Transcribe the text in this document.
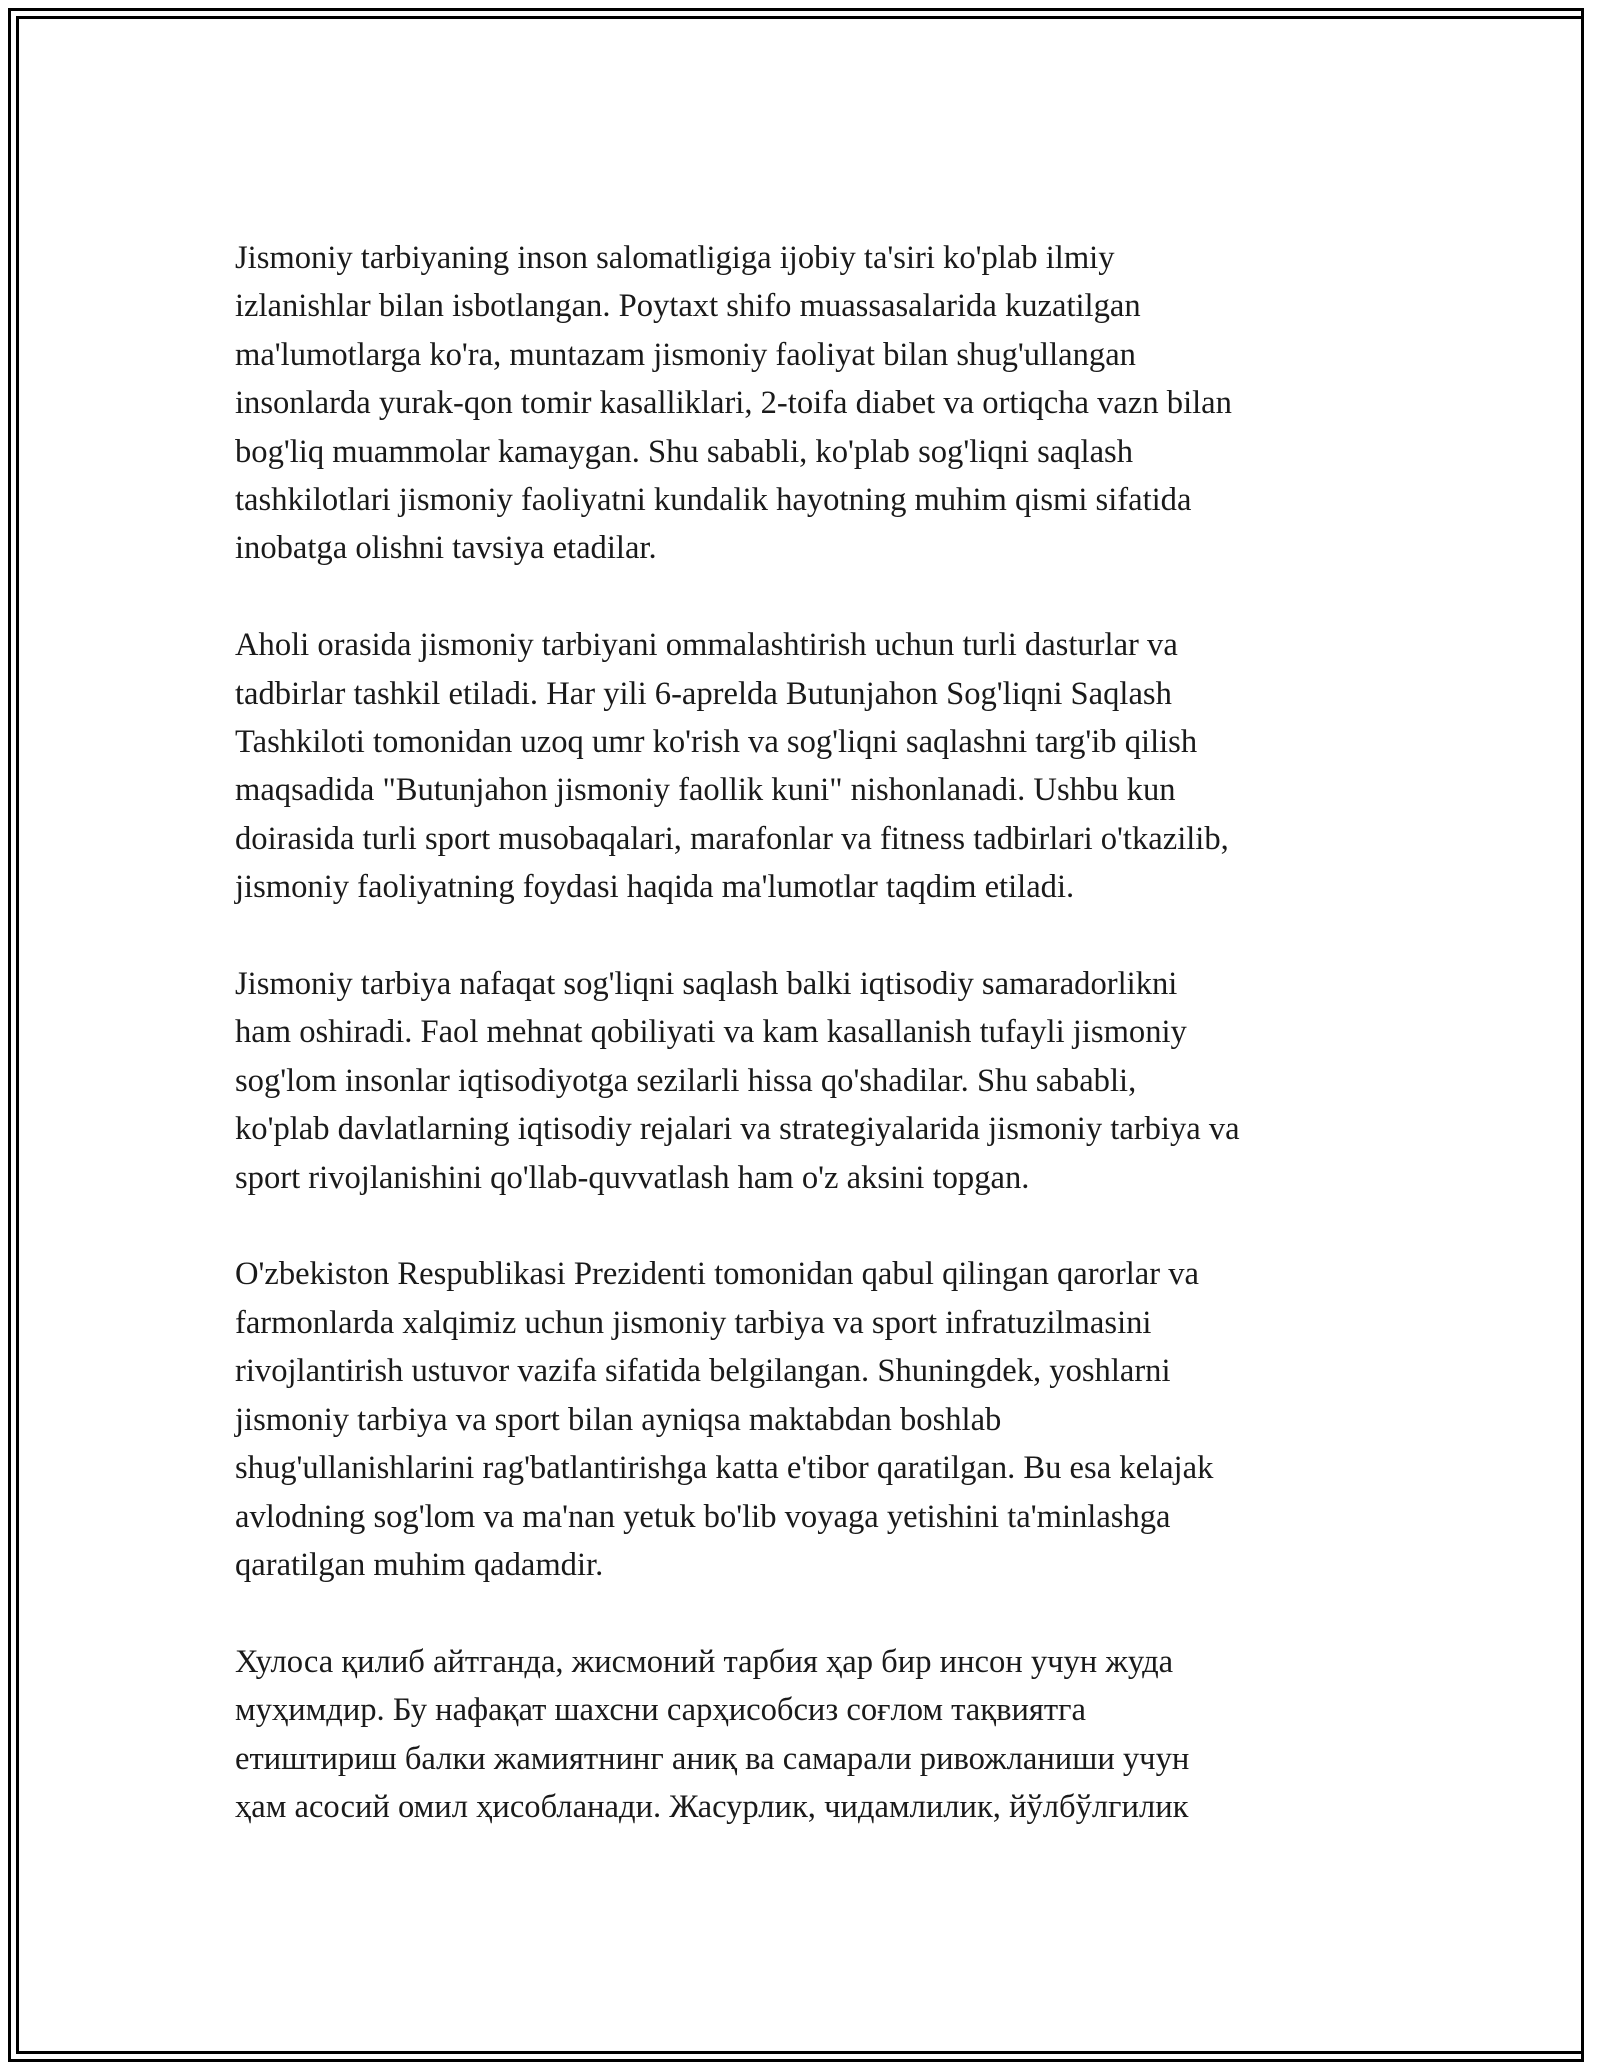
Jismoniy tarbiyaning inson salomatligiga ijobiy ta'siri ko'plab ilmiy
izlanishlar bilan isbotlangan. Poytaxt shifo muassasalarida kuzatilgan
ma'lumotlarga ko'ra, muntazam jismoniy faoliyat bilan shug'ullangan
insonlarda yurak-qon tomir kasalliklari, 2-toifa diabet va ortiqcha vazn bilan
bog'liq muammolar kamaygan. Shu sababli, ko'plab sog'liqni saqlash
tashkilotlari jismoniy faoliyatni kundalik hayotning muhim qismi sifatida
inobatga olishni tavsiya etadilar.

Aholi orasida jismoniy tarbiyani ommalashtirish uchun turli dasturlar va
tadbirlar tashkil etiladi. Har yili 6-aprelda Butunjahon Sog'liqni Saqlash
Tashkiloti tomonidan uzoq umr ko'rish va sog'liqni saqlashni targ'ib qilish
maqsadida "Butunjahon jismoniy faollik kuni" nishonlanadi. Ushbu kun
doirasida turli sport musobaqalari, marafonlar va fitness tadbirlari o'tkazilib,
jismoniy faoliyatning foydasi haqida ma'lumotlar taqdim etiladi.

Jismoniy tarbiya nafaqat sog'liqni saqlash balki iqtisodiy samaradorlikni
ham oshiradi. Faol mehnat qobiliyati va kam kasallanish tufayli jismoniy
sog'lom insonlar iqtisodiyotga sezilarli hissa qo'shadilar. Shu sababli,
ko'plab davlatlarning iqtisodiy rejalari va strategiyalarida jismoniy tarbiya va
sport rivojlanishini qo'llab-quvvatlash ham o'z aksini topgan.

O'zbekiston Respublikasi Prezidenti tomonidan qabul qilingan qarorlar va
farmonlarda xalqimiz uchun jismoniy tarbiya va sport infratuzilmasini
rivojlantirish ustuvor vazifa sifatida belgilangan. Shuningdek, yoshlarni
jismoniy tarbiya va sport bilan ayniqsa maktabdan boshlab
shug'ullanishlarini rag'batlantirishga katta e'tibor qaratilgan. Bu esa kelajak
avlodning sog'lom va ma'nan yetuk bo'lib voyaga yetishini ta'minlashga
qaratilgan muhim qadamdir.

Хулоса қилиб айтганда, жисмоний тарбия ҳар бир инсон учун жуда
муҳимдир. Бу нафақат шахсни сарҳисобсиз соғлом тақвиятга
етиштириш балки жамиятнинг аниқ ва самарали ривожланиши учун
ҳам асосий омил ҳисобланади. Жасурлик, чидамлилик, йўлбўлгилик
